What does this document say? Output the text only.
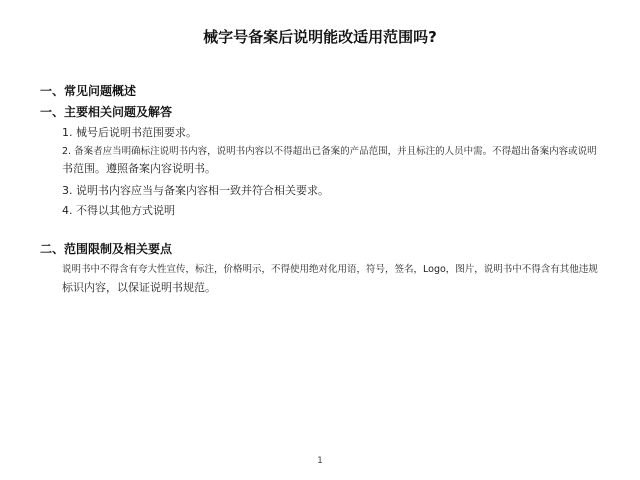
械字号备案后说明能改适用范围吗?
一、常见问题概述
一、主要相关问题及解答
1. 械号后说明书范围要求。
2. 备案者应当明确标注说明书内容，说明书内容以不得超出已备案的产品范围，并且标注的人员中需。不得超出备案内容或说明
书范围。遵照备案内容说明书。
3. 说明书内容应当与备案内容相一致并符合相关要求。
4. 不得以其他方式说明
二、范围限制及相关要点
说明书中不得含有夸大性宣传，标注，价格明示，不得使用绝对化用语，符号，签名，Logo，图片，说明书中不得含有其他违规
标识内容，以保证说明书规范。
1
